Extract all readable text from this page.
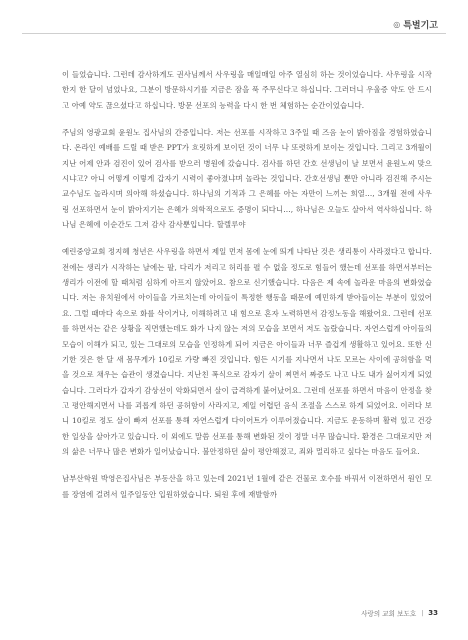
◎ 특별기고

이 들었습니다. 그런데 감사하게도 권사님께서 사우링을 매일매일 아주 열심히 하는 것이었습니다. 사우링을 시작한지 한 달이 넘었나요, 그분이 방문하시기를 지금은 잠을 푹 주무신다고 하십니다. 그러더니 우울증 약도 안 드시고 아예 약도 끊으셨다고 하십니다. 방문 선포의 능력을 다시 한 번 체험하는 순간이었습니다.

주님의 영광교회 윤원노 집사님의 간증입니다. 저는 선포를 시작하고 3주일 때 즈음 눈이 밝아짐을 경험하였습니다. 온라인 예배를 드릴 때 받은 PPT가 흐릿하게 보이던 것이 너무 나 또렷하게 보이는 것입니다. 그리고 3개월이 지난 어제 안과 검진이 있어 검사를 받으러 병원에 갔습니다. 검사를 하던 간호 선생님이 날 보면서 윤원노씨 맞으시냐고? 아니 어떻게 이렇게 갑자기 시력이 좋아졌냐며 놀라는 것입니다. 간호선생님 뿐만 아니라 검진해 주시는 교수님도 놀라시며 의아해 하셨습니다. 하나님의 기적과 그 은혜를 아는 자만이 느끼는 희열…, 3개월 전에 사우링 선포하면서 눈이 밝아지기는 은혜가 의학적으로도 증명이 되다니…, 하나님은 오늘도 살아서 역사하십니다. 하나님 은혜에 이순간도 그저 감사 감사뿐입니다. 할렐루야

예린중앙교회 정지혜 청년은 사우링을 하면서 제일 먼저 몸에 눈에 띄게 나타난 것은 생리통이 사라졌다고 합니다. 전에는 생리가 시작하는 날에는 팔, 다리가 저리고 허리를 펼 수 없을 정도로 힘들어 했는데 선포를 하면서부터는 생리가 이전에 할 때처럼 심하게 아프지 않았어요. 참으로 신기했습니다. 다음은 제 속에 놀라운 마음의 변화였습니다. 저는 유치원에서 아이들을 가르치는데 아이들이 특정한 행동을 때문에 예민하게 받아들이는 부분이 있었어요. 그럴 때마다 속으로 화를 삭이거나, 이해하려고 내 힘으로 혼자 노력하면서 감정노동을 해왔어요. 그런데 선포를 하면서는 같은 상황을 직면했는데도 화가 나지 않는 저의 모습을 보면서 저도 놀랐습니다. 자연스럽게 아이들의 모습이 이해가 되고, 있는 그대로의 모습을 인정하게 되어 지금은 아이들과 너무 즐겁게 생활하고 있어요. 또한 신기한 것은 한 달 새 몸무게가 10킬로 가량 빠진 것입니다. 힘든 시기를 지나면서 나도 모르는 사이에 공허함을 먹을 것으로 채우는 습관이 생겼습니다. 지난친 폭식으로 감자기 살이 찌면서 짜증도 나고 나도 내가 싫어지게 되었습니다. 그러다가 갑자기 감상선이 악화되면서 살이 급격하게 붙어났어요. 그런데 선포를 하면서 마음이 안정을 찾고 평안해지면서 나를 괴롭게 하던 공허함이 사라지고, 제일 어렵던 음식 조절을 스스로 하게 되었어요. 이러다 보니 10킬로 정도 살이 빠져 선포를 통해 자연스럽게 다이어트가 이루어졌습니다. 지금도 운동하며 활력 있고 건강한 일상을 살아가고 있습니다. 이 외에도 말씀 선포를 통해 변화된 것이 정말 너무 많습니다. 환경은 그대로지만 저의 삶은 너무나 많은 변화가 일어났습니다. 불안정하던 삶이 평안해졌고, 죄와 멀리하고 싶다는 마음도 들어요.

남부산학원 박영은집사님은 부동산을 하고 있는데 2021년 1월에 같은 건물로 호수를 바꿔서 이전하면서 원인 모를 장염에 걸려서 일주일동안 입원하였습니다. 퇴원 후에 재발함까

사랑의 교회 보도호 | 33
